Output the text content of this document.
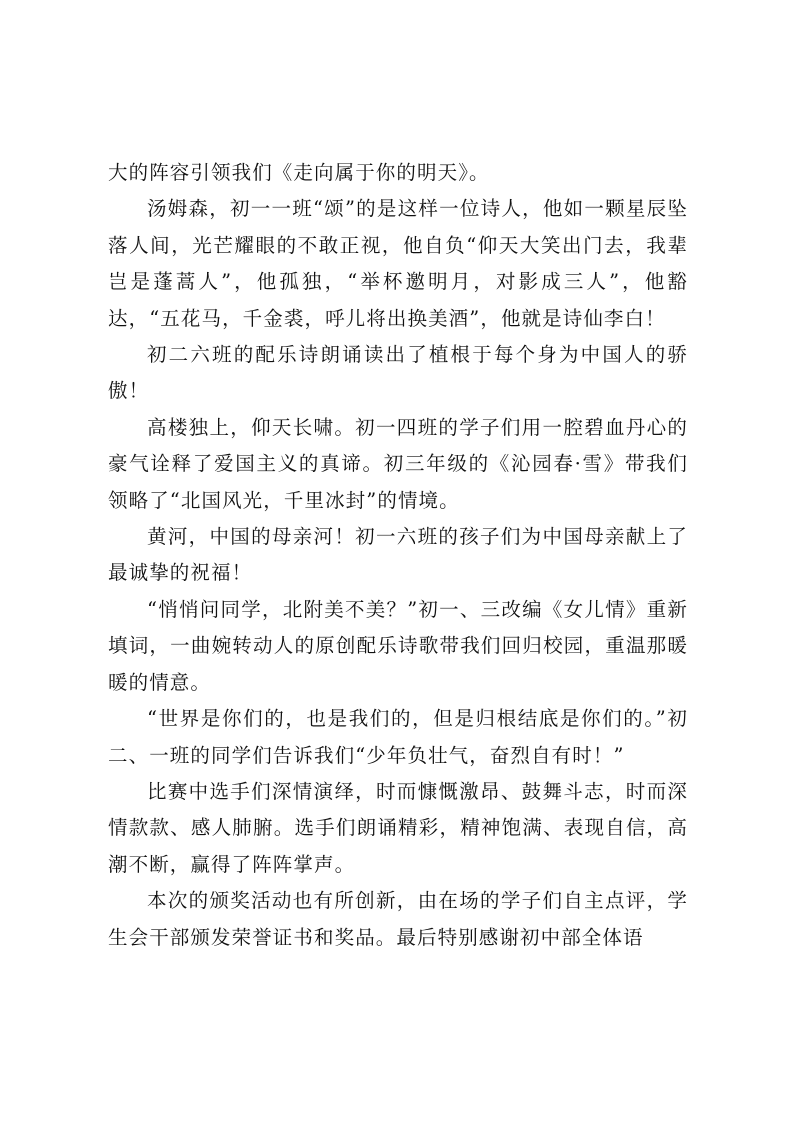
大的阵容引领我们《走向属于你的明天》。

汤姆森，初一一班“颂”的是这样一位诗人，他如一颗星辰坠落人间，光芒耀眼的不敢正视，他自负“仰天大笑出门去，我辈岂是蓬蒿人”，他孤独，“举杯邀明月，对影成三人”，他豁达，“五花马，千金裘，呼儿将出换美酒”，他就是诗仙李白！

初二六班的配乐诗朗诵读出了植根于每个身为中国人的骄傲！

高楼独上，仰天长啸。初一四班的学子们用一腔碧血丹心的豪气诠释了爱国主义的真谛。初三年级的《沁园春·雪》带我们领略了“北国风光，千里冰封”的情境。

黄河，中国的母亲河！初一六班的孩子们为中国母亲献上了最诚挚的祝福！

“悄悄问同学，北附美不美？”初一、三改编《女儿情》重新填词，一曲婉转动人的原创配乐诗歌带我们回归校园，重温那暖暖的情意。

“世界是你们的，也是我们的，但是归根结底是你们的。”初二、一班的同学们告诉我们“少年负壮气，奋烈自有时！”

比赛中选手们深情演绎，时而慷慨激昂、鼓舞斗志，时而深情款款、感人肺腑。选手们朗诵精彩，精神饱满、表现自信，高潮不断，赢得了阵阵掌声。

本次的颁奖活动也有所创新，由在场的学子们自主点评，学生会干部颁发荣誉证书和奖品。最后特别感谢初中部全体语
